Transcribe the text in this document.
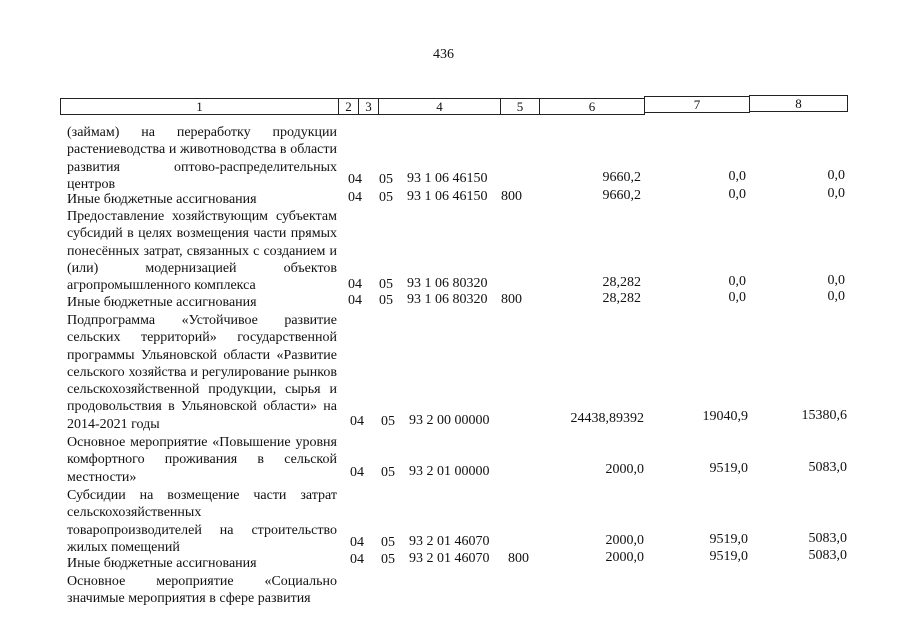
436
1	2	3	4	5	6	7	8
(займам) на переработку продукции растениеводства и животноводства в области развития оптово-распределительных центров	04 05 93 1 06 46150	9660,2	0,0	0,0
Иные бюджетные ассигнования	04 05 93 1 06 46150 800	9660,2	0,0	0,0
Предоставление хозяйствующим субъектам субсидий в целях возмещения части прямых понесённых затрат, связанных с созданием и (или) модернизацией объектов агропромышленного комплекса	04 05 93 1 06 80320	28,282	0,0	0,0
Иные бюджетные ассигнования	04 05 93 1 06 80320 800	28,282	0,0	0,0
Подпрограмма «Устойчивое развитие сельских территорий» государственной программы Ульяновской области «Развитие сельского хозяйства и регулирование рынков сельскохозяйственной продукции, сырья и продовольствия в Ульяновской области» на 2014-2021 годы	04 05 93 2 00 00000	24438,89392	19040,9	15380,6
Основное мероприятие «Повышение уровня комфортного проживания в сельской местности»	04 05 93 2 01 00000	2000,0	9519,0	5083,0
Субсидии на возмещение части затрат сельскохозяйственных товаропроизводителей на строительство жилых помещений	04 05 93 2 01 46070	2000,0	9519,0	5083,0
Иные бюджетные ассигнования	04 05 93 2 01 46070 800	2000,0	9519,0	5083,0
Основное мероприятие «Социально значимые мероприятия в сфере развития
